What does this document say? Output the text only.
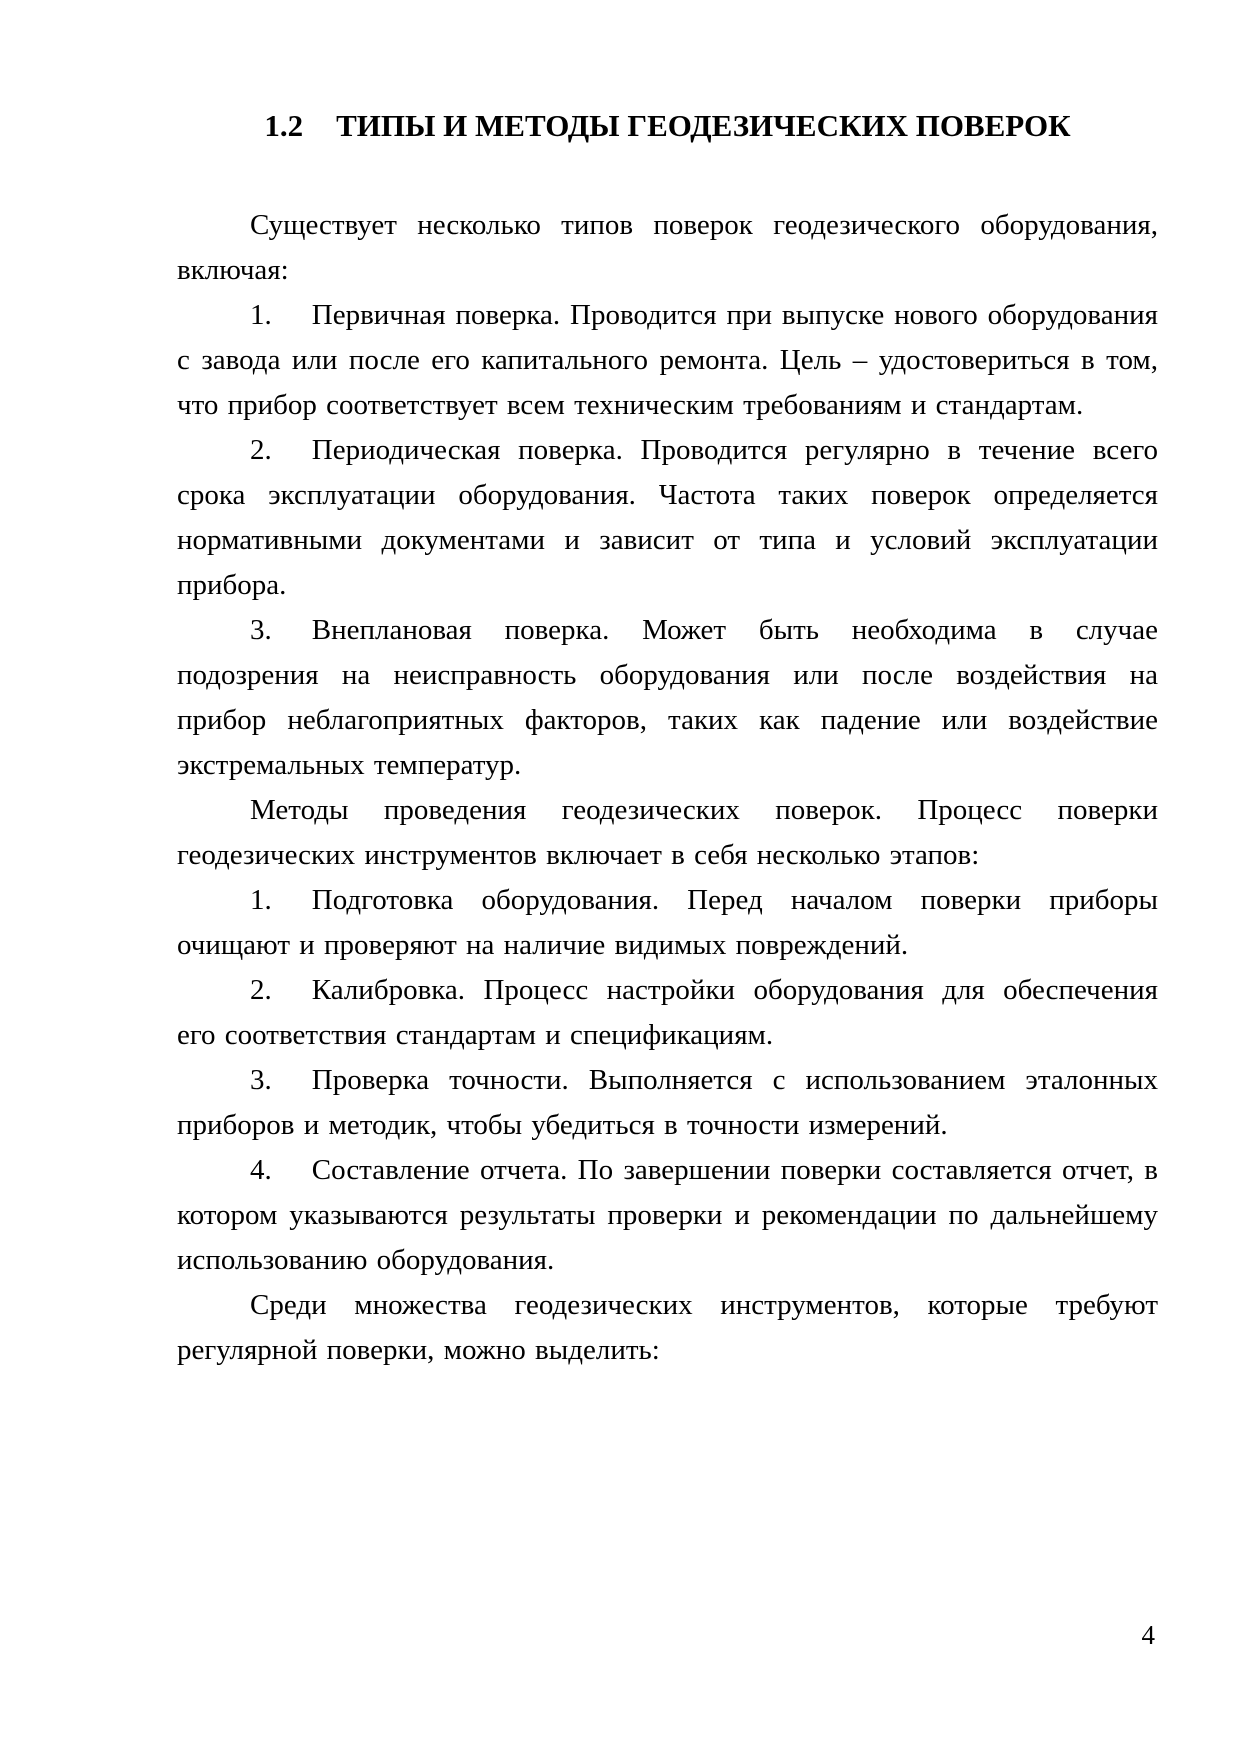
1.2 ТИПЫ И МЕТОДЫ ГЕОДЕЗИЧЕСКИХ ПОВЕРОК

Существует несколько типов поверок геодезического оборудования, включая:

1. Первичная поверка. Проводится при выпуске нового оборудования с завода или после его капитального ремонта. Цель – удостовериться в том, что прибор соответствует всем техническим требованиям и стандартам.

2. Периодическая поверка. Проводится регулярно в течение всего срока эксплуатации оборудования. Частота таких поверок определяется нормативными документами и зависит от типа и условий эксплуатации прибора.

3. Внеплановая поверка. Может быть необходима в случае подозрения на неисправность оборудования или после воздействия на прибор неблагоприятных факторов, таких как падение или воздействие экстремальных температур.

Методы проведения геодезических поверок. Процесс поверки геодезических инструментов включает в себя несколько этапов:

1. Подготовка оборудования. Перед началом поверки приборы очищают и проверяют на наличие видимых повреждений.

2. Калибровка. Процесс настройки оборудования для обеспечения его соответствия стандартам и спецификациям.

3. Проверка точности. Выполняется с использованием эталонных приборов и методик, чтобы убедиться в точности измерений.

4. Составление отчета. По завершении поверки составляется отчет, в котором указываются результаты проверки и рекомендации по дальнейшему использованию оборудования.

Среди множества геодезических инструментов, которые требуют регулярной поверки, можно выделить:

4
